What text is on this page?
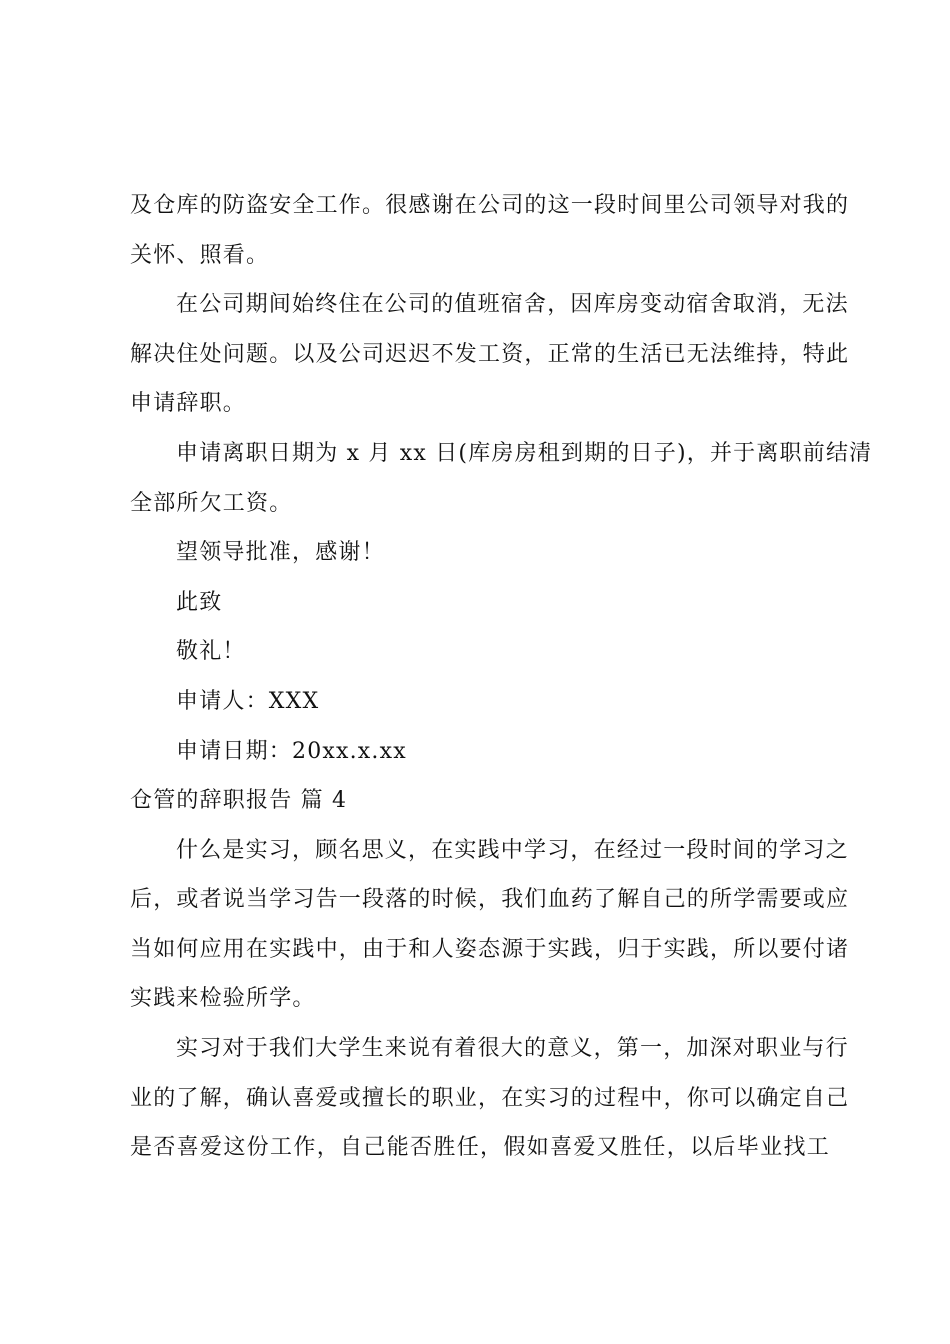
及仓库的防盗安全工作。很感谢在公司的这一段时间里公司领导对我的
关怀、照看。
在公司期间始终住在公司的值班宿舍，因库房变动宿舍取消，无法
解决住处问题。以及公司迟迟不发工资，正常的生活已无法维持，特此
申请辞职。
申请离职日期为 x 月 xx 日(库房房租到期的日子)，并于离职前结清
全部所欠工资。
望领导批准，感谢！
此致
敬礼！
申请人：XXX
申请日期：20xx.x.xx
仓管的辞职报告 篇 4
什么是实习，顾名思义，在实践中学习，在经过一段时间的学习之
后，或者说当学习告一段落的时候，我们血药了解自己的所学需要或应
当如何应用在实践中，由于和人姿态源于实践，归于实践，所以要付诸
实践来检验所学。
实习对于我们大学生来说有着很大的意义，第一，加深对职业与行
业的了解，确认喜爱或擅长的职业，在实习的过程中，你可以确定自己
是否喜爱这份工作，自己能否胜任，假如喜爱又胜任，以后毕业找工
